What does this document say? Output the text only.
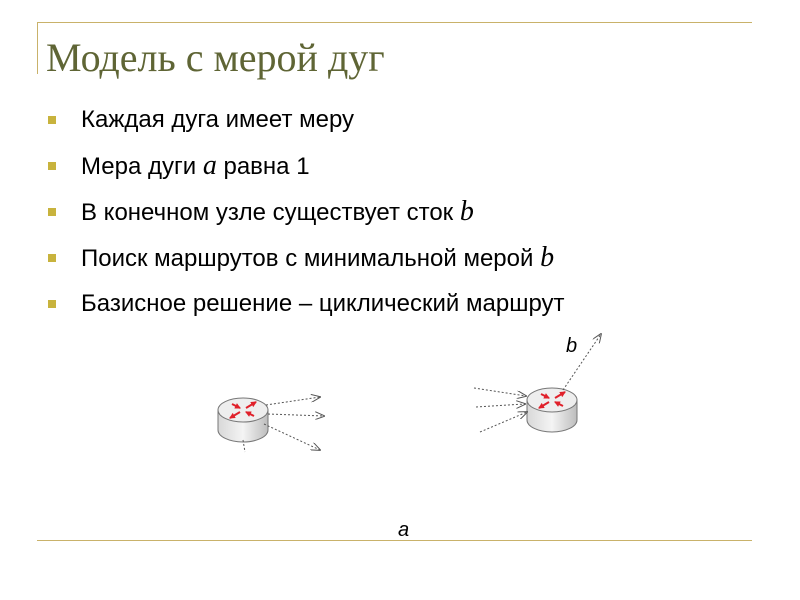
Модель с мерой дуг
Каждая дуга имеет меру
Мера дуги a равна 1
В конечном узле существует сток b
Поиск маршрутов с минимальной мерой b
Базисное решение – циклический маршрут
b
a
